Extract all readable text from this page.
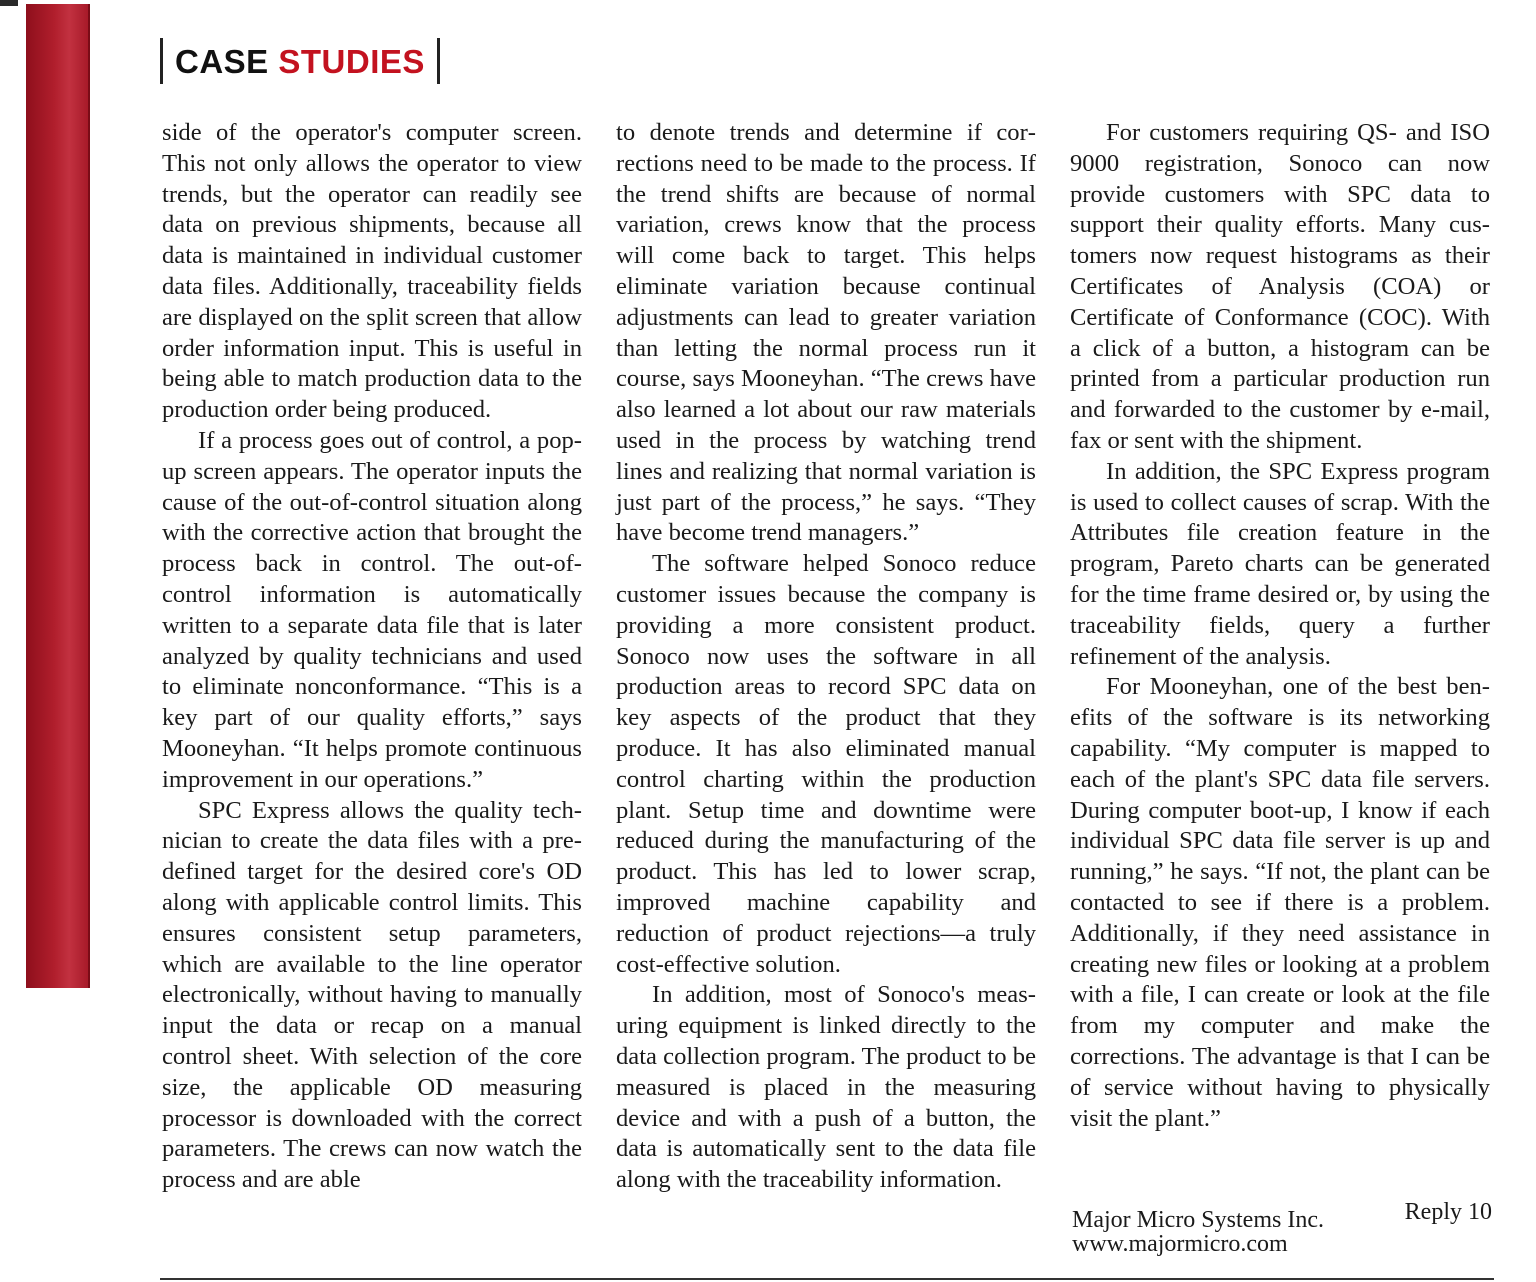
CASE STUDIES

side of the operator's computer screen. This not only allows the operator to view trends, but the operator can readily see data on previous shipments, because all data is maintained in individual customer data files. Additionally, traceability fields are displayed on the split screen that allow order information input. This is useful in being able to match production data to the production order being produced.

If a process goes out of control, a pop-up screen appears. The operator inputs the cause of the out-of-control situation along with the corrective action that brought the process back in control. The out-of-control information is automatically written to a separate data file that is later analyzed by quality technicians and used to eliminate nonconformance. “This is a key part of our quality efforts,” says Mooneyhan. “It helps promote continuous improvement in our operations.”

SPC Express allows the quality technician to create the data files with a predefined target for the desired core's OD along with applicable control limits. This ensures consistent setup parameters, which are available to the line operator electronically, without having to manually input the data or recap on a manual control sheet. With selection of the core size, the applicable OD measuring processor is downloaded with the correct parameters. The crews can now watch the process and are able

to denote trends and determine if corrections need to be made to the process. If the trend shifts are because of normal variation, crews know that the process will come back to target. This helps eliminate variation because continual adjustments can lead to greater variation than letting the normal process run it course, says Mooneyhan. “The crews have also learned a lot about our raw materials used in the process by watching trend lines and realizing that normal variation is just part of the process,” he says. “They have become trend managers.”

The software helped Sonoco reduce customer issues because the company is providing a more consistent product. Sonoco now uses the software in all production areas to record SPC data on key aspects of the product that they produce. It has also eliminated manual control charting within the production plant. Setup time and downtime were reduced during the manufacturing of the product. This has led to lower scrap, improved machine capability and reduction of product rejections—a truly cost-effective solution.

In addition, most of Sonoco's measuring equipment is linked directly to the data collection program. The product to be measured is placed in the measuring device and with a push of a button, the data is automatically sent to the data file along with the traceability information.

For customers requiring QS- and ISO 9000 registration, Sonoco can now provide customers with SPC data to support their quality efforts. Many customers now request histograms as their Certificates of Analysis (COA) or Certificate of Conformance (COC). With a click of a button, a histogram can be printed from a particular production run and forwarded to the customer by e-mail, fax or sent with the shipment.

In addition, the SPC Express program is used to collect causes of scrap. With the Attributes file creation feature in the program, Pareto charts can be generated for the time frame desired or, by using the traceability fields, query a further refinement of the analysis.

For Mooneyhan, one of the best benefits of the software is its networking capability. “My computer is mapped to each of the plant's SPC data file servers. During computer boot-up, I know if each individual SPC data file server is up and running,” he says. “If not, the plant can be contacted to see if there is a problem. Additionally, if they need assistance in creating new files or looking at a problem with a file, I can create or look at the file from my computer and make the corrections. The advantage is that I can be of service without having to physically visit the plant.”

Major Micro Systems Inc.
www.majormicro.com
Reply 10
